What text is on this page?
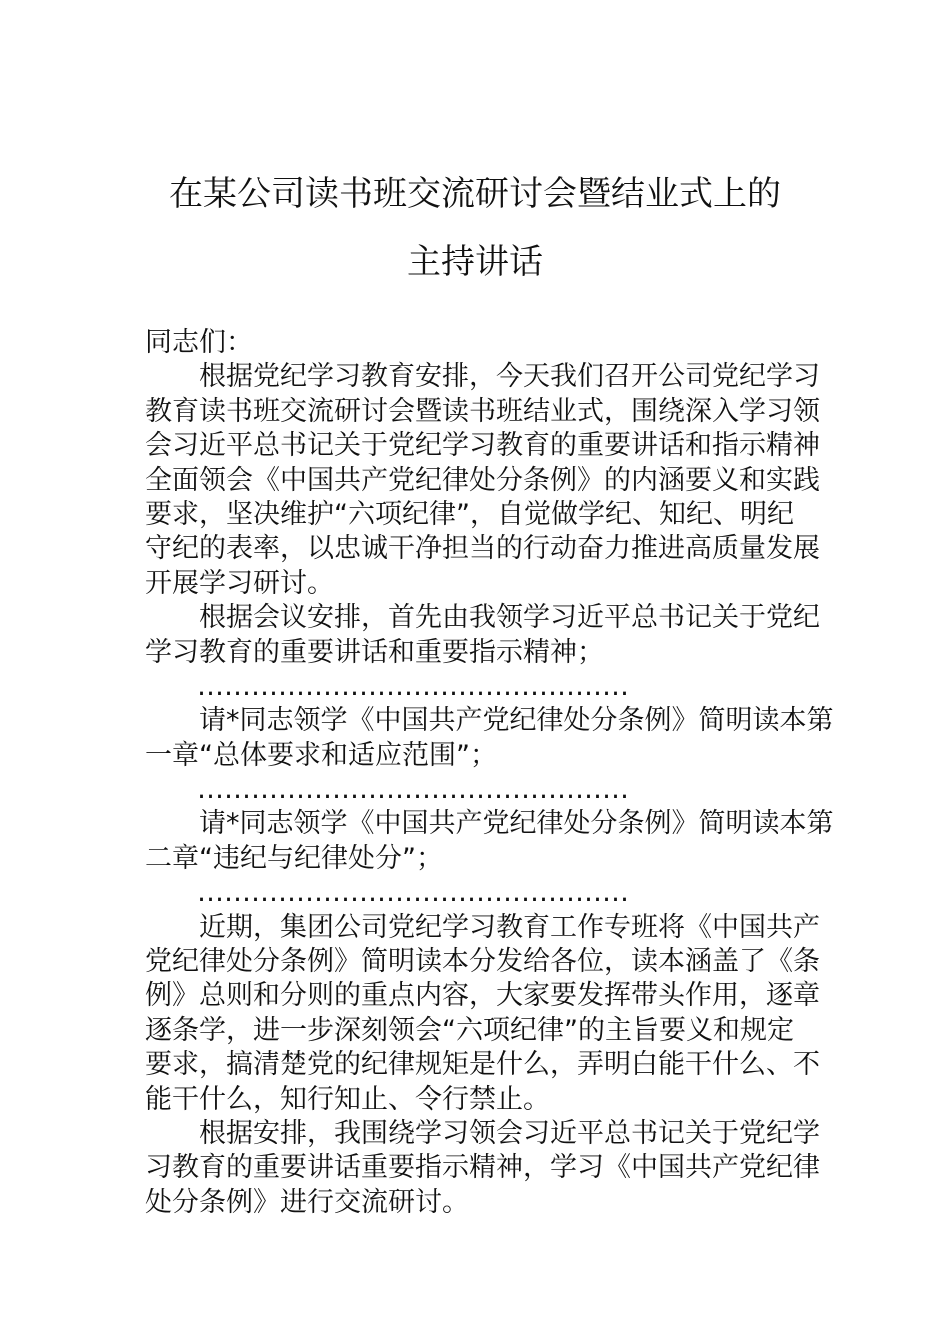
在某公司读书班交流研讨会暨结业式上的
主持讲话
同志们：
根据党纪学习教育安排，今天我们召开公司党纪学习
教育读书班交流研讨会暨读书班结业式，围绕深入学习领
会习近平总书记关于党纪学习教育的重要讲话和指示精神
全面领会《中国共产党纪律处分条例》的内涵要义和实践
要求，坚决维护“六项纪律”，自觉做学纪、知纪、明纪
守纪的表率，以忠诚干净担当的行动奋力推进高质量发展
开展学习研讨。
根据会议安排，首先由我领学习近平总书记关于党纪
学习教育的重要讲话和重要指示精神；
…………………………………………
请*同志领学《中国共产党纪律处分条例》简明读本第
一章“总体要求和适应范围”；
…………………………………………
请*同志领学《中国共产党纪律处分条例》简明读本第
二章“违纪与纪律处分”；
…………………………………………
近期，集团公司党纪学习教育工作专班将《中国共产
党纪律处分条例》简明读本分发给各位，读本涵盖了《条
例》总则和分则的重点内容，大家要发挥带头作用，逐章
逐条学，进一步深刻领会“六项纪律”的主旨要义和规定
要求，搞清楚党的纪律规矩是什么，弄明白能干什么、不
能干什么，知行知止、令行禁止。
根据安排，我围绕学习领会习近平总书记关于党纪学
习教育的重要讲话重要指示精神，学习《中国共产党纪律
处分条例》进行交流研讨。
